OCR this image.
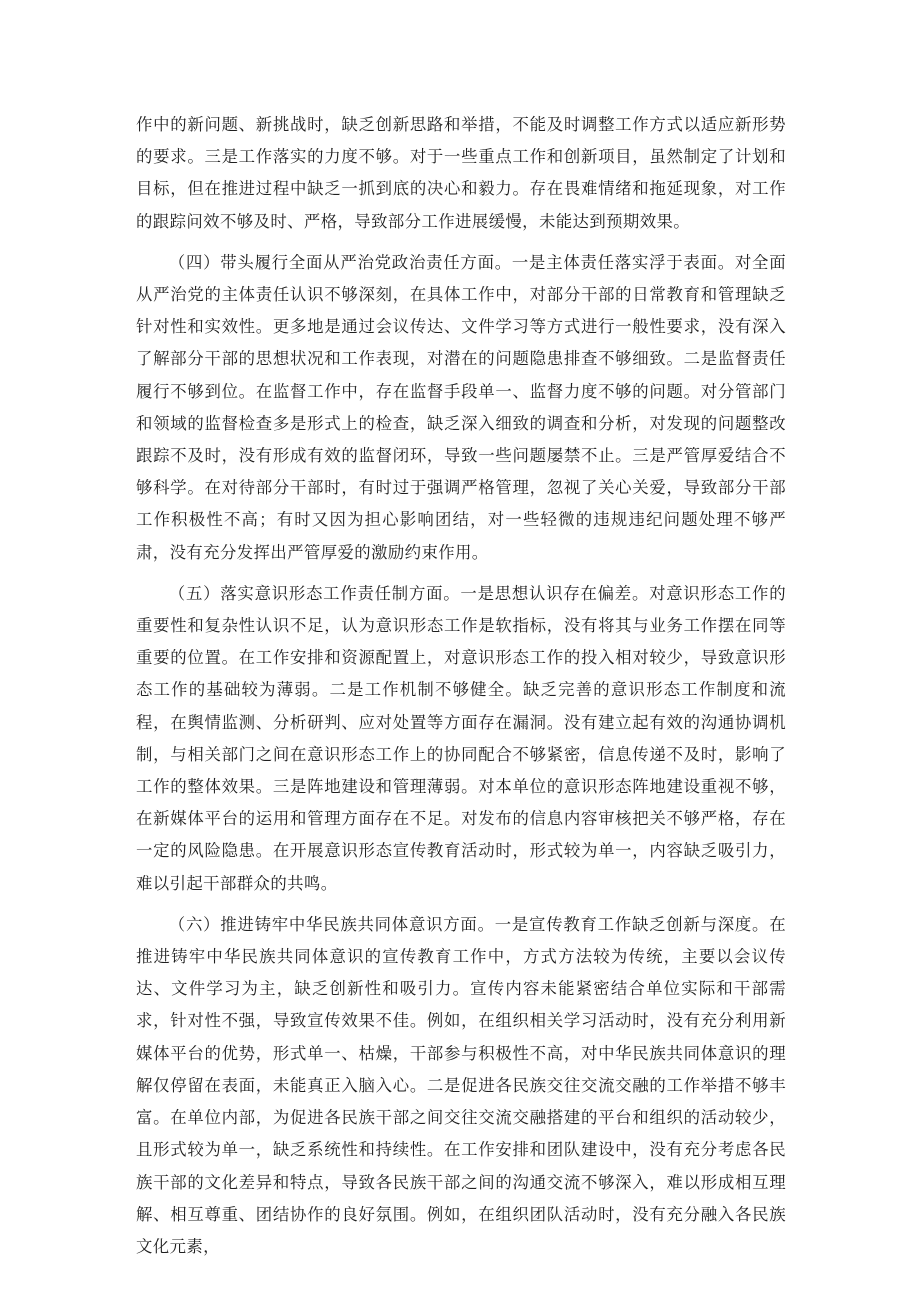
作中的新问题、新挑战时，缺乏创新思路和举措，不能及时调整工作方式以适应新形势的要求。三是工作落实的力度不够。对于一些重点工作和创新项目，虽然制定了计划和目标，但在推进过程中缺乏一抓到底的决心和毅力。存在畏难情绪和拖延现象，对工作的跟踪问效不够及时、严格，导致部分工作进展缓慢，未能达到预期效果。

（四）带头履行全面从严治党政治责任方面。一是主体责任落实浮于表面。对全面从严治党的主体责任认识不够深刻，在具体工作中，对部分干部的日常教育和管理缺乏针对性和实效性。更多地是通过会议传达、文件学习等方式进行一般性要求，没有深入了解部分干部的思想状况和工作表现，对潜在的问题隐患排查不够细致。二是监督责任履行不够到位。在监督工作中，存在监督手段单一、监督力度不够的问题。对分管部门和领域的监督检查多是形式上的检查，缺乏深入细致的调查和分析，对发现的问题整改跟踪不及时，没有形成有效的监督闭环，导致一些问题屡禁不止。三是严管厚爱结合不够科学。在对待部分干部时，有时过于强调严格管理，忽视了关心关爱，导致部分干部工作积极性不高；有时又因为担心影响团结，对一些轻微的违规违纪问题处理不够严肃，没有充分发挥出严管厚爱的激励约束作用。

（五）落实意识形态工作责任制方面。一是思想认识存在偏差。对意识形态工作的重要性和复杂性认识不足，认为意识形态工作是软指标，没有将其与业务工作摆在同等重要的位置。在工作安排和资源配置上，对意识形态工作的投入相对较少，导致意识形态工作的基础较为薄弱。二是工作机制不够健全。缺乏完善的意识形态工作制度和流程，在舆情监测、分析研判、应对处置等方面存在漏洞。没有建立起有效的沟通协调机制，与相关部门之间在意识形态工作上的协同配合不够紧密，信息传递不及时，影响了工作的整体效果。三是阵地建设和管理薄弱。对本单位的意识形态阵地建设重视不够，在新媒体平台的运用和管理方面存在不足。对发布的信息内容审核把关不够严格，存在一定的风险隐患。在开展意识形态宣传教育活动时，形式较为单一，内容缺乏吸引力，难以引起干部群众的共鸣。

（六）推进铸牢中华民族共同体意识方面。一是宣传教育工作缺乏创新与深度。在推进铸牢中华民族共同体意识的宣传教育工作中，方式方法较为传统，主要以会议传达、文件学习为主，缺乏创新性和吸引力。宣传内容未能紧密结合单位实际和干部需求，针对性不强，导致宣传效果不佳。例如，在组织相关学习活动时，没有充分利用新媒体平台的优势，形式单一、枯燥，干部参与积极性不高，对中华民族共同体意识的理解仅停留在表面，未能真正入脑入心。二是促进各民族交往交流交融的工作举措不够丰富。在单位内部，为促进各民族干部之间交往交流交融搭建的平台和组织的活动较少，且形式较为单一，缺乏系统性和持续性。在工作安排和团队建设中，没有充分考虑各民族干部的文化差异和特点，导致各民族干部之间的沟通交流不够深入，难以形成相互理解、相互尊重、团结协作的良好氛围。例如，在组织团队活动时，没有充分融入各民族文化元素，
